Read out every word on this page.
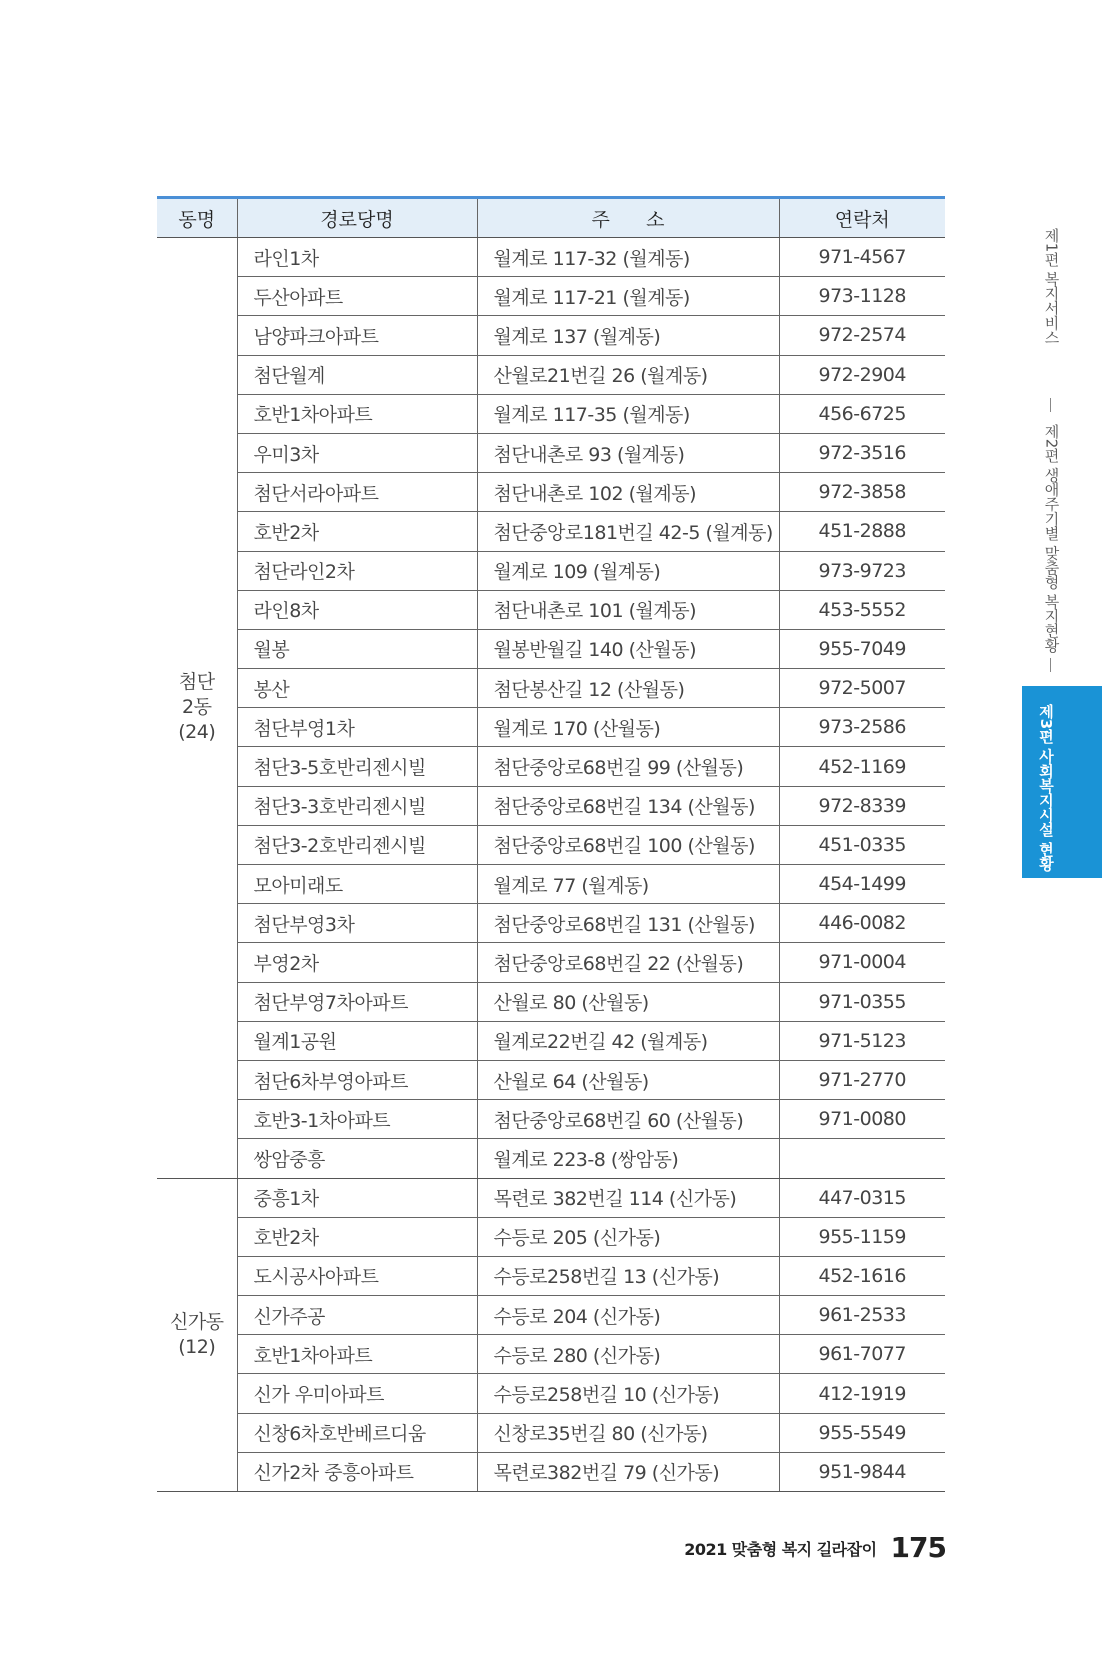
동명	경로당명	주      소	연락처

첨단
2동
(24)	라인1차	월계로 117-32 (월계동)	971-4567
	두산아파트	월계로 117-21 (월계동)	973-1128
	남양파크아파트	월계로 137 (월계동)	972-2574
	첨단월계	산월로21번길 26 (월계동)	972-2904
	호반1차아파트	월계로 117-35 (월계동)	456-6725
	우미3차	첨단내촌로 93 (월계동)	972-3516
	첨단서라아파트	첨단내촌로 102 (월계동)	972-3858
	호반2차	첨단중앙로181번길 42-5 (월계동)	451-2888
	첨단라인2차	월계로 109 (월계동)	973-9723
	라인8차	첨단내촌로 101 (월계동)	453-5552
	월봉	월봉반월길 140 (산월동)	955-7049
	봉산	첨단봉산길 12 (산월동)	972-5007
	첨단부영1차	월계로 170 (산월동)	973-2586
	첨단3-5호반리젠시빌	첨단중앙로68번길 99 (산월동)	452-1169
	첨단3-3호반리젠시빌	첨단중앙로68번길 134 (산월동)	972-8339
	첨단3-2호반리젠시빌	첨단중앙로68번길 100 (산월동)	451-0335
	모아미래도	월계로 77 (월계동)	454-1499
	첨단부영3차	첨단중앙로68번길 131 (산월동)	446-0082
	부영2차	첨단중앙로68번길 22 (산월동)	971-0004
	첨단부영7차아파트	산월로 80 (산월동)	971-0355
	월계1공원	월계로22번길 42 (월계동)	971-5123
	첨단6차부영아파트	산월로 64 (산월동)	971-2770
	호반3-1차아파트	첨단중앙로68번길 60 (산월동)	971-0080
	쌍암중흥	월계로 223-8 (쌍암동)	

신가동
(12)	중흥1차	목련로 382번길 114 (신가동)	447-0315
	호반2차	수등로 205 (신가동)	955-1159
	도시공사아파트	수등로258번길 13 (신가동)	452-1616
	신가주공	수등로 204 (신가동)	961-2533
	호반1차아파트	수등로 280 (신가동)	961-7077
	신가 우미아파트	수등로258번길 10 (신가동)	412-1919
	신창6차호반베르디움	신창로35번길 80 (신가동)	955-5549
	신가2차 중흥아파트	목련로382번길 79 (신가동)	951-9844
제1편 복지서비스
제2편 생애주기별 맞춤형 복지현황
제3편 사회복지시설 현황
2021 맞춤형 복지 길라잡이 175
